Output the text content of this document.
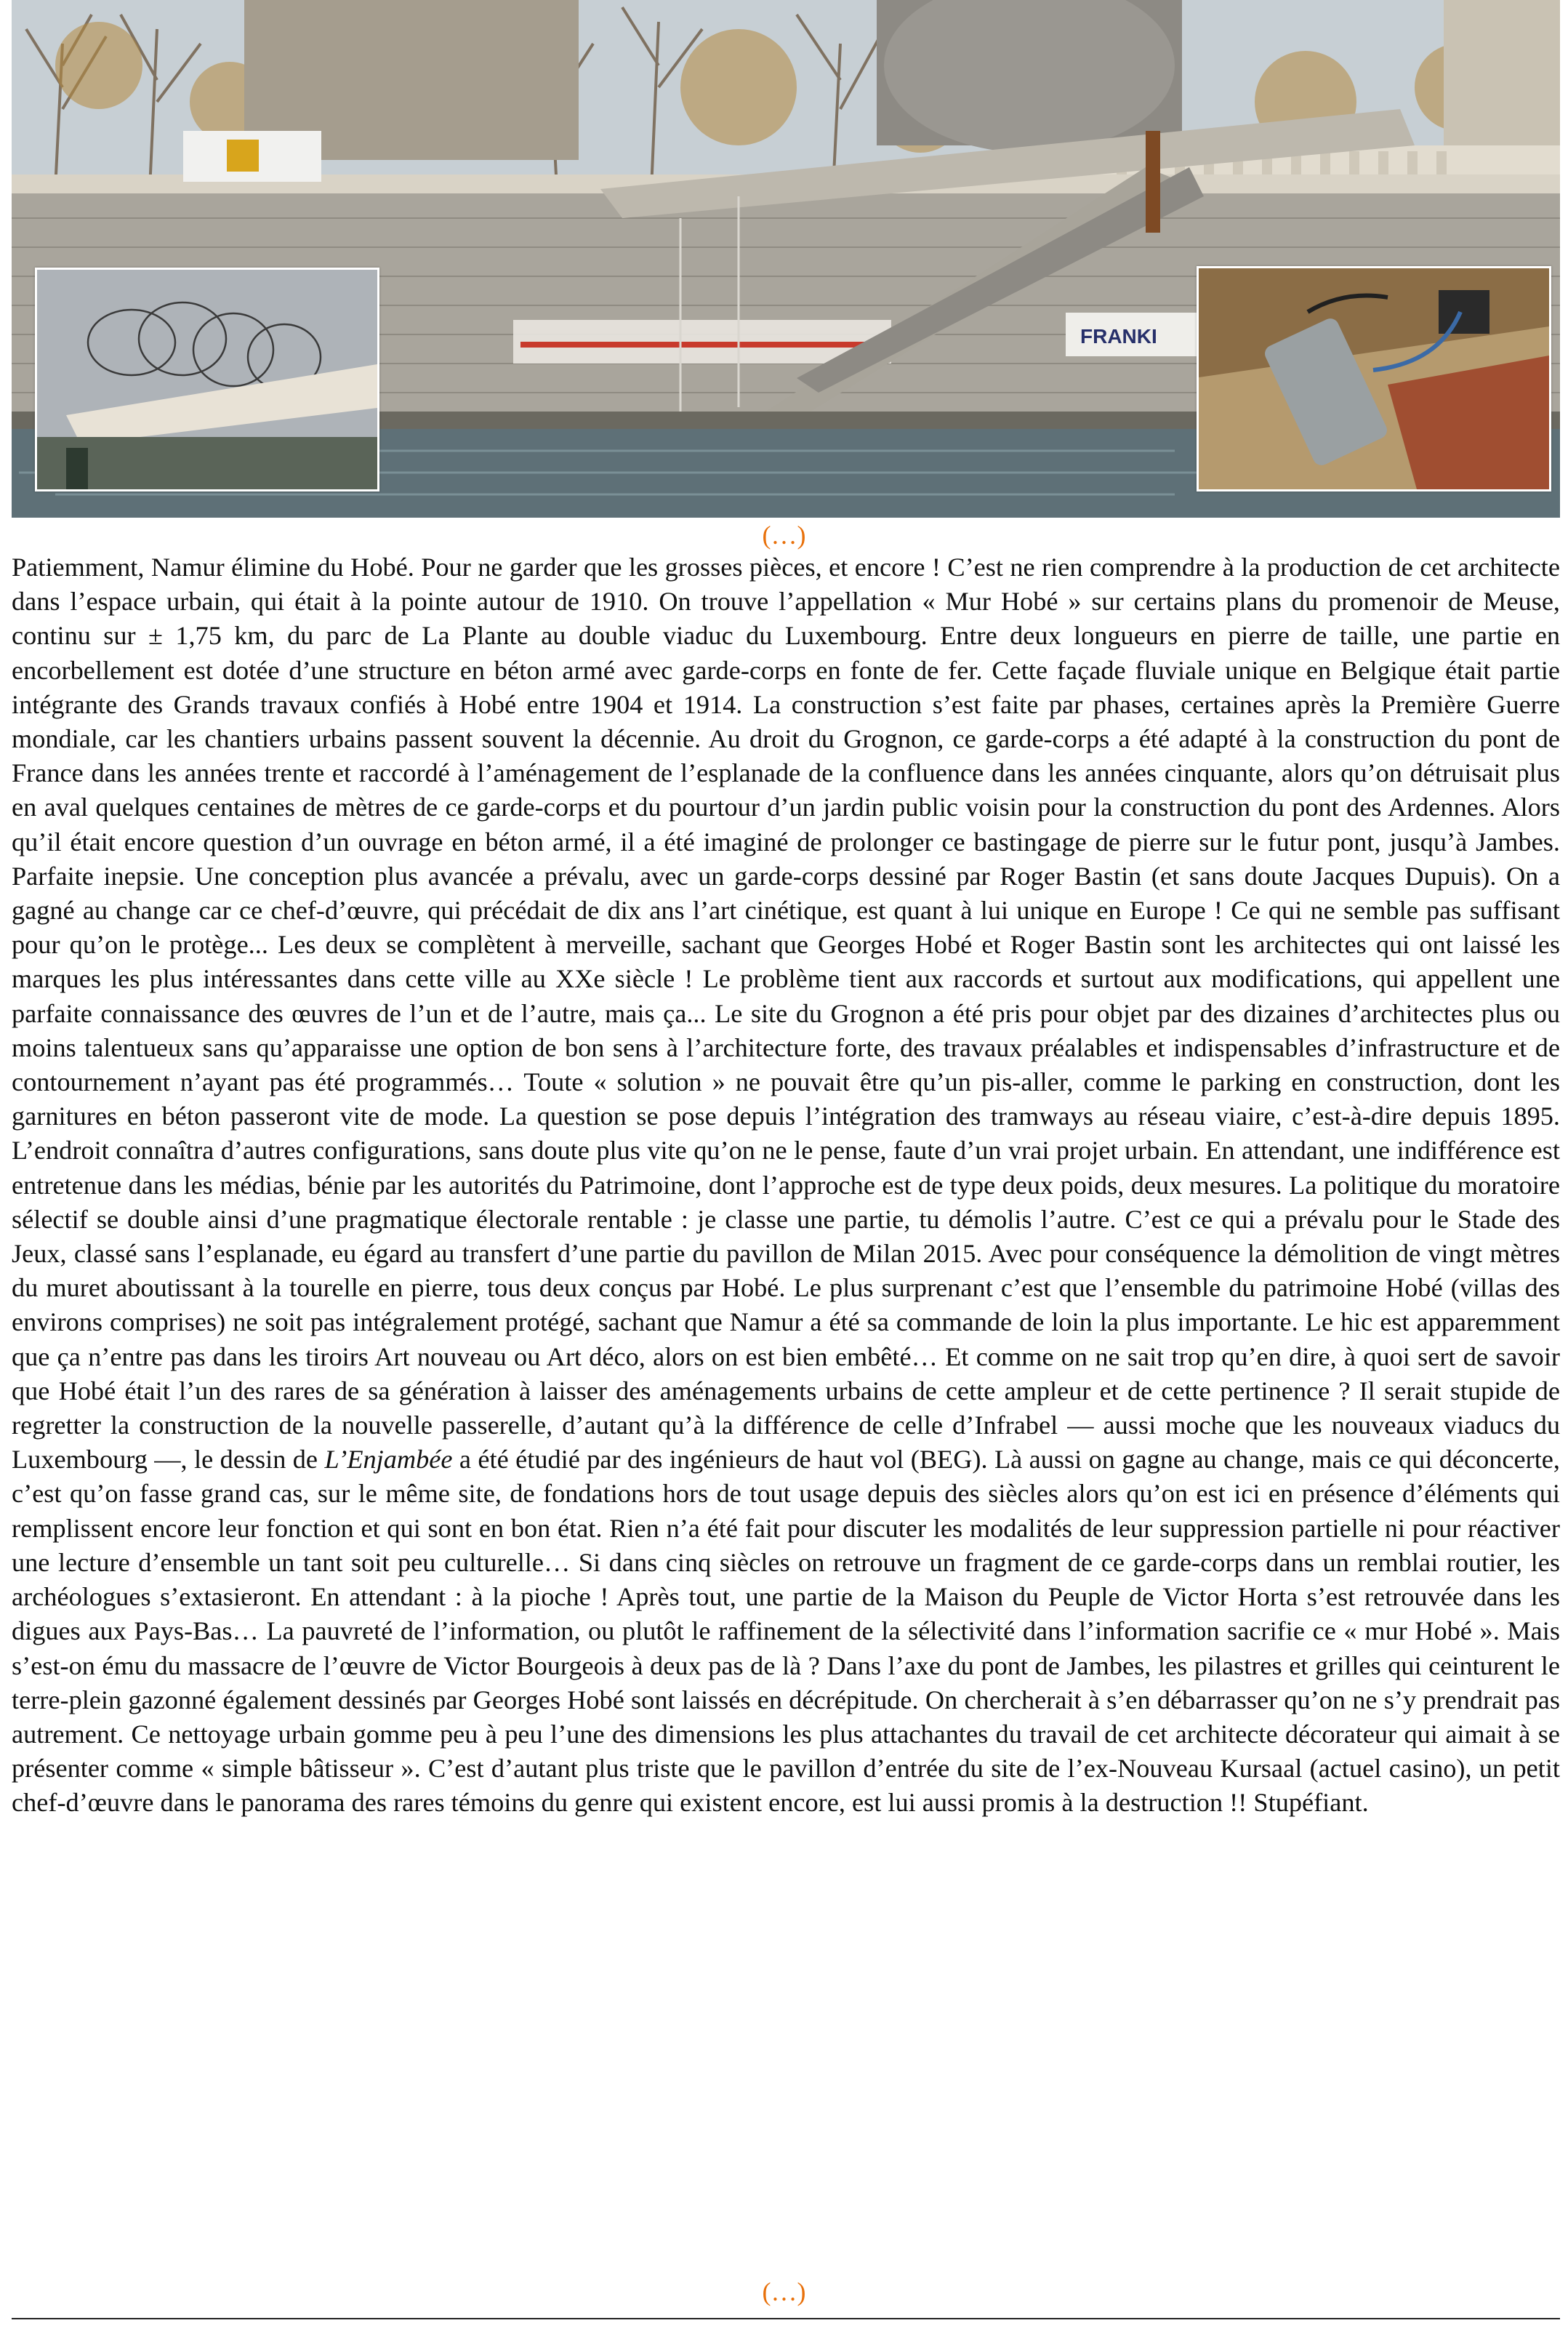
FRANKI
(…)

Patiemment, Namur élimine du Hobé. Pour ne garder que les grosses pièces, et encore ! C’est ne rien comprendre à la production de cet architecte dans l’espace urbain, qui était à la pointe autour de 1910. On trouve l’appellation « Mur Hobé » sur certains plans du promenoir de Meuse, continu sur ± 1,75 km, du parc de La Plante au double viaduc du Luxembourg. Entre deux longueurs en pierre de taille, une partie en encorbellement est dotée d’une structure en béton armé avec garde-corps en fonte de fer. Cette façade fluviale unique en Belgique était partie intégrante des Grands travaux confiés à Hobé entre 1904 et 1914. La construction s’est faite par phases, certaines après la Première Guerre mondiale, car les chantiers urbains passent souvent la décennie. Au droit du Grognon, ce garde-corps a été adapté à la construction du pont de France dans les années trente et raccordé à l’aménagement de l’esplanade de la confluence dans les années cinquante, alors qu’on détruisait plus en aval quelques centaines de mètres de ce garde-corps et du pourtour d’un jardin public voisin pour la construction du pont des Ardennes. Alors qu’il était encore question d’un ouvrage en béton armé, il a été imaginé de prolonger ce bastingage de pierre sur le futur pont, jusqu’à Jambes. Parfaite inepsie. Une conception plus avancée a prévalu, avec un garde-corps dessiné par Roger Bastin (et sans doute Jacques Dupuis). On a gagné au change car ce chef-d’œuvre, qui précédait de dix ans l’art cinétique, est quant à lui unique en Europe ! Ce qui ne semble pas suffisant pour qu’on le protège... Les deux se complètent à merveille, sachant que Georges Hobé et Roger Bastin sont les architectes qui ont laissé les marques les plus intéressantes dans cette ville au XXe siècle ! Le problème tient aux raccords et surtout aux modifications, qui appellent une parfaite connaissance des œuvres de l’un et de l’autre, mais ça... Le site du Grognon a été pris pour objet par des dizaines d’architectes plus ou moins talentueux sans qu’apparaisse une option de bon sens à l’architecture forte, des travaux préalables et indispensables d’infrastructure et de contournement n’ayant pas été programmés… Toute « solution » ne pouvait être qu’un pis-aller, comme le parking en construction, dont les garnitures en béton passeront vite de mode. La question se pose depuis l’intégration des tramways au réseau viaire, c’est-à-dire depuis 1895. L’endroit connaîtra d’autres configurations, sans doute plus vite qu’on ne le pense, faute d’un vrai projet urbain. En attendant, une indifférence est entretenue dans les médias, bénie par les autorités du Patrimoine, dont l’approche est de type deux poids, deux mesures. La politique du moratoire sélectif se double ainsi d’une pragmatique électorale rentable : je classe une partie, tu démolis l’autre. C’est ce qui a prévalu pour le Stade des Jeux, classé sans l’esplanade, eu égard au transfert d’une partie du pavillon de Milan 2015. Avec pour conséquence la démolition de vingt mètres du muret aboutissant à la tourelle en pierre, tous deux conçus par Hobé. Le plus surprenant c’est que l’ensemble du patrimoine Hobé (villas des environs comprises) ne soit pas intégralement protégé, sachant que Namur a été sa commande de loin la plus importante. Le hic est apparemment que ça n’entre pas dans les tiroirs Art nouveau ou Art déco, alors on est bien embêté… Et comme on ne sait trop qu’en dire, à quoi sert de savoir que Hobé était l’un des rares de sa génération à laisser des aménagements urbains de cette ampleur et de cette pertinence ? Il serait stupide de regretter la construction de la nouvelle passerelle, d’autant qu’à la différence de celle d’Infrabel — aussi moche que les nouveaux viaducs du Luxembourg —, le dessin de L’Enjambée a été étudié par des ingénieurs de haut vol (BEG). Là aussi on gagne au change, mais ce qui déconcerte, c’est qu’on fasse grand cas, sur le même site, de fondations hors de tout usage depuis des siècles alors qu’on est ici en présence d’éléments qui remplissent encore leur fonction et qui sont en bon état. Rien n’a été fait pour discuter les modalités de leur suppression partielle ni pour réactiver une lecture d’ensemble un tant soit peu culturelle… Si dans cinq siècles on retrouve un fragment de ce garde-corps dans un remblai routier, les archéologues s’extasieront. En attendant : à la pioche ! Après tout, une partie de la Maison du Peuple de Victor Horta s’est retrouvée dans les digues aux Pays-Bas… La pauvreté de l’information, ou plutôt le raffinement de la sélectivité dans l’information sacrifie ce « mur Hobé ». Mais s’est-on ému du massacre de l’œuvre de Victor Bourgeois à deux pas de là ? Dans l’axe du pont de Jambes, les pilastres et grilles qui ceinturent le terre-plein gazonné également dessinés par Georges Hobé sont laissés en décrépitude. On chercherait à s’en débarrasser qu’on ne s’y prendrait pas autrement. Ce nettoyage urbain gomme peu à peu l’une des dimensions les plus attachantes du travail de cet architecte décorateur qui aimait à se présenter comme « simple bâtisseur ». C’est d’autant plus triste que le pavillon d’entrée du site de l’ex-Nouveau Kursaal (actuel casino), un petit chef-d’œuvre dans le panorama des rares témoins du genre qui existent encore, est lui aussi promis à la destruction !! Stupéfiant.

(…)
